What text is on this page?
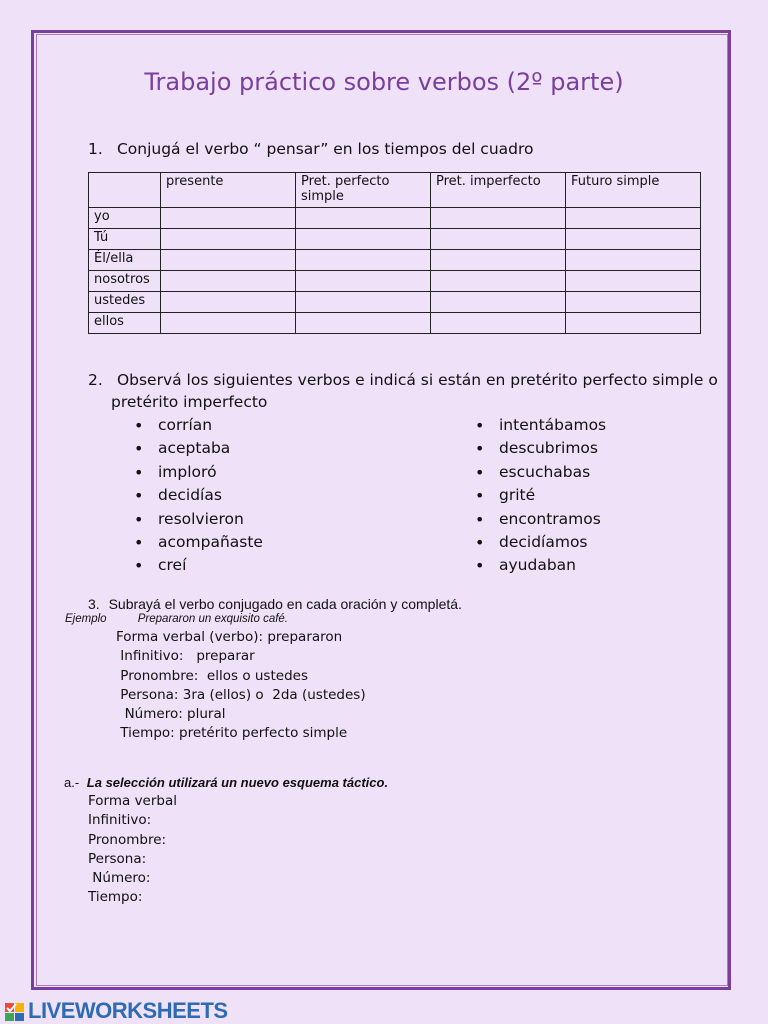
Trabajo práctico sobre verbos (2º parte)
1. Conjugá el verbo “ pensar” en los tiempos del cuadro
	presente	Pret. perfecto simple	Pret. imperfecto	Futuro simple
yo				
Tú				
Él/ella				
nosotros				
ustedes				
ellos				
2. Observá los siguientes verbos e indicá si están en pretérito perfecto simple o
pretérito imperfecto
• corrían
• aceptaba
• imploró
• decidías
• resolvieron
• acompañaste
• creí
• intentábamos
• descubrimos
• escuchabas
• grité
• encontramos
• decidíamos
• ayudaban
3. Subrayá el verbo conjugado en cada oración y completá.
Ejemplo	Prepararon un exquisito café.
Forma verbal (verbo): prepararon
Infinitivo:   preparar
Pronombre:  ellos o ustedes
Persona: 3ra (ellos) o  2da (ustedes)
Número: plural
Tiempo: pretérito perfecto simple
a.- La selección utilizará un nuevo esquema táctico.
Forma verbal
Infinitivo:
Pronombre:
Persona:
Número:
Tiempo:
LIVEWORKSHEETS
